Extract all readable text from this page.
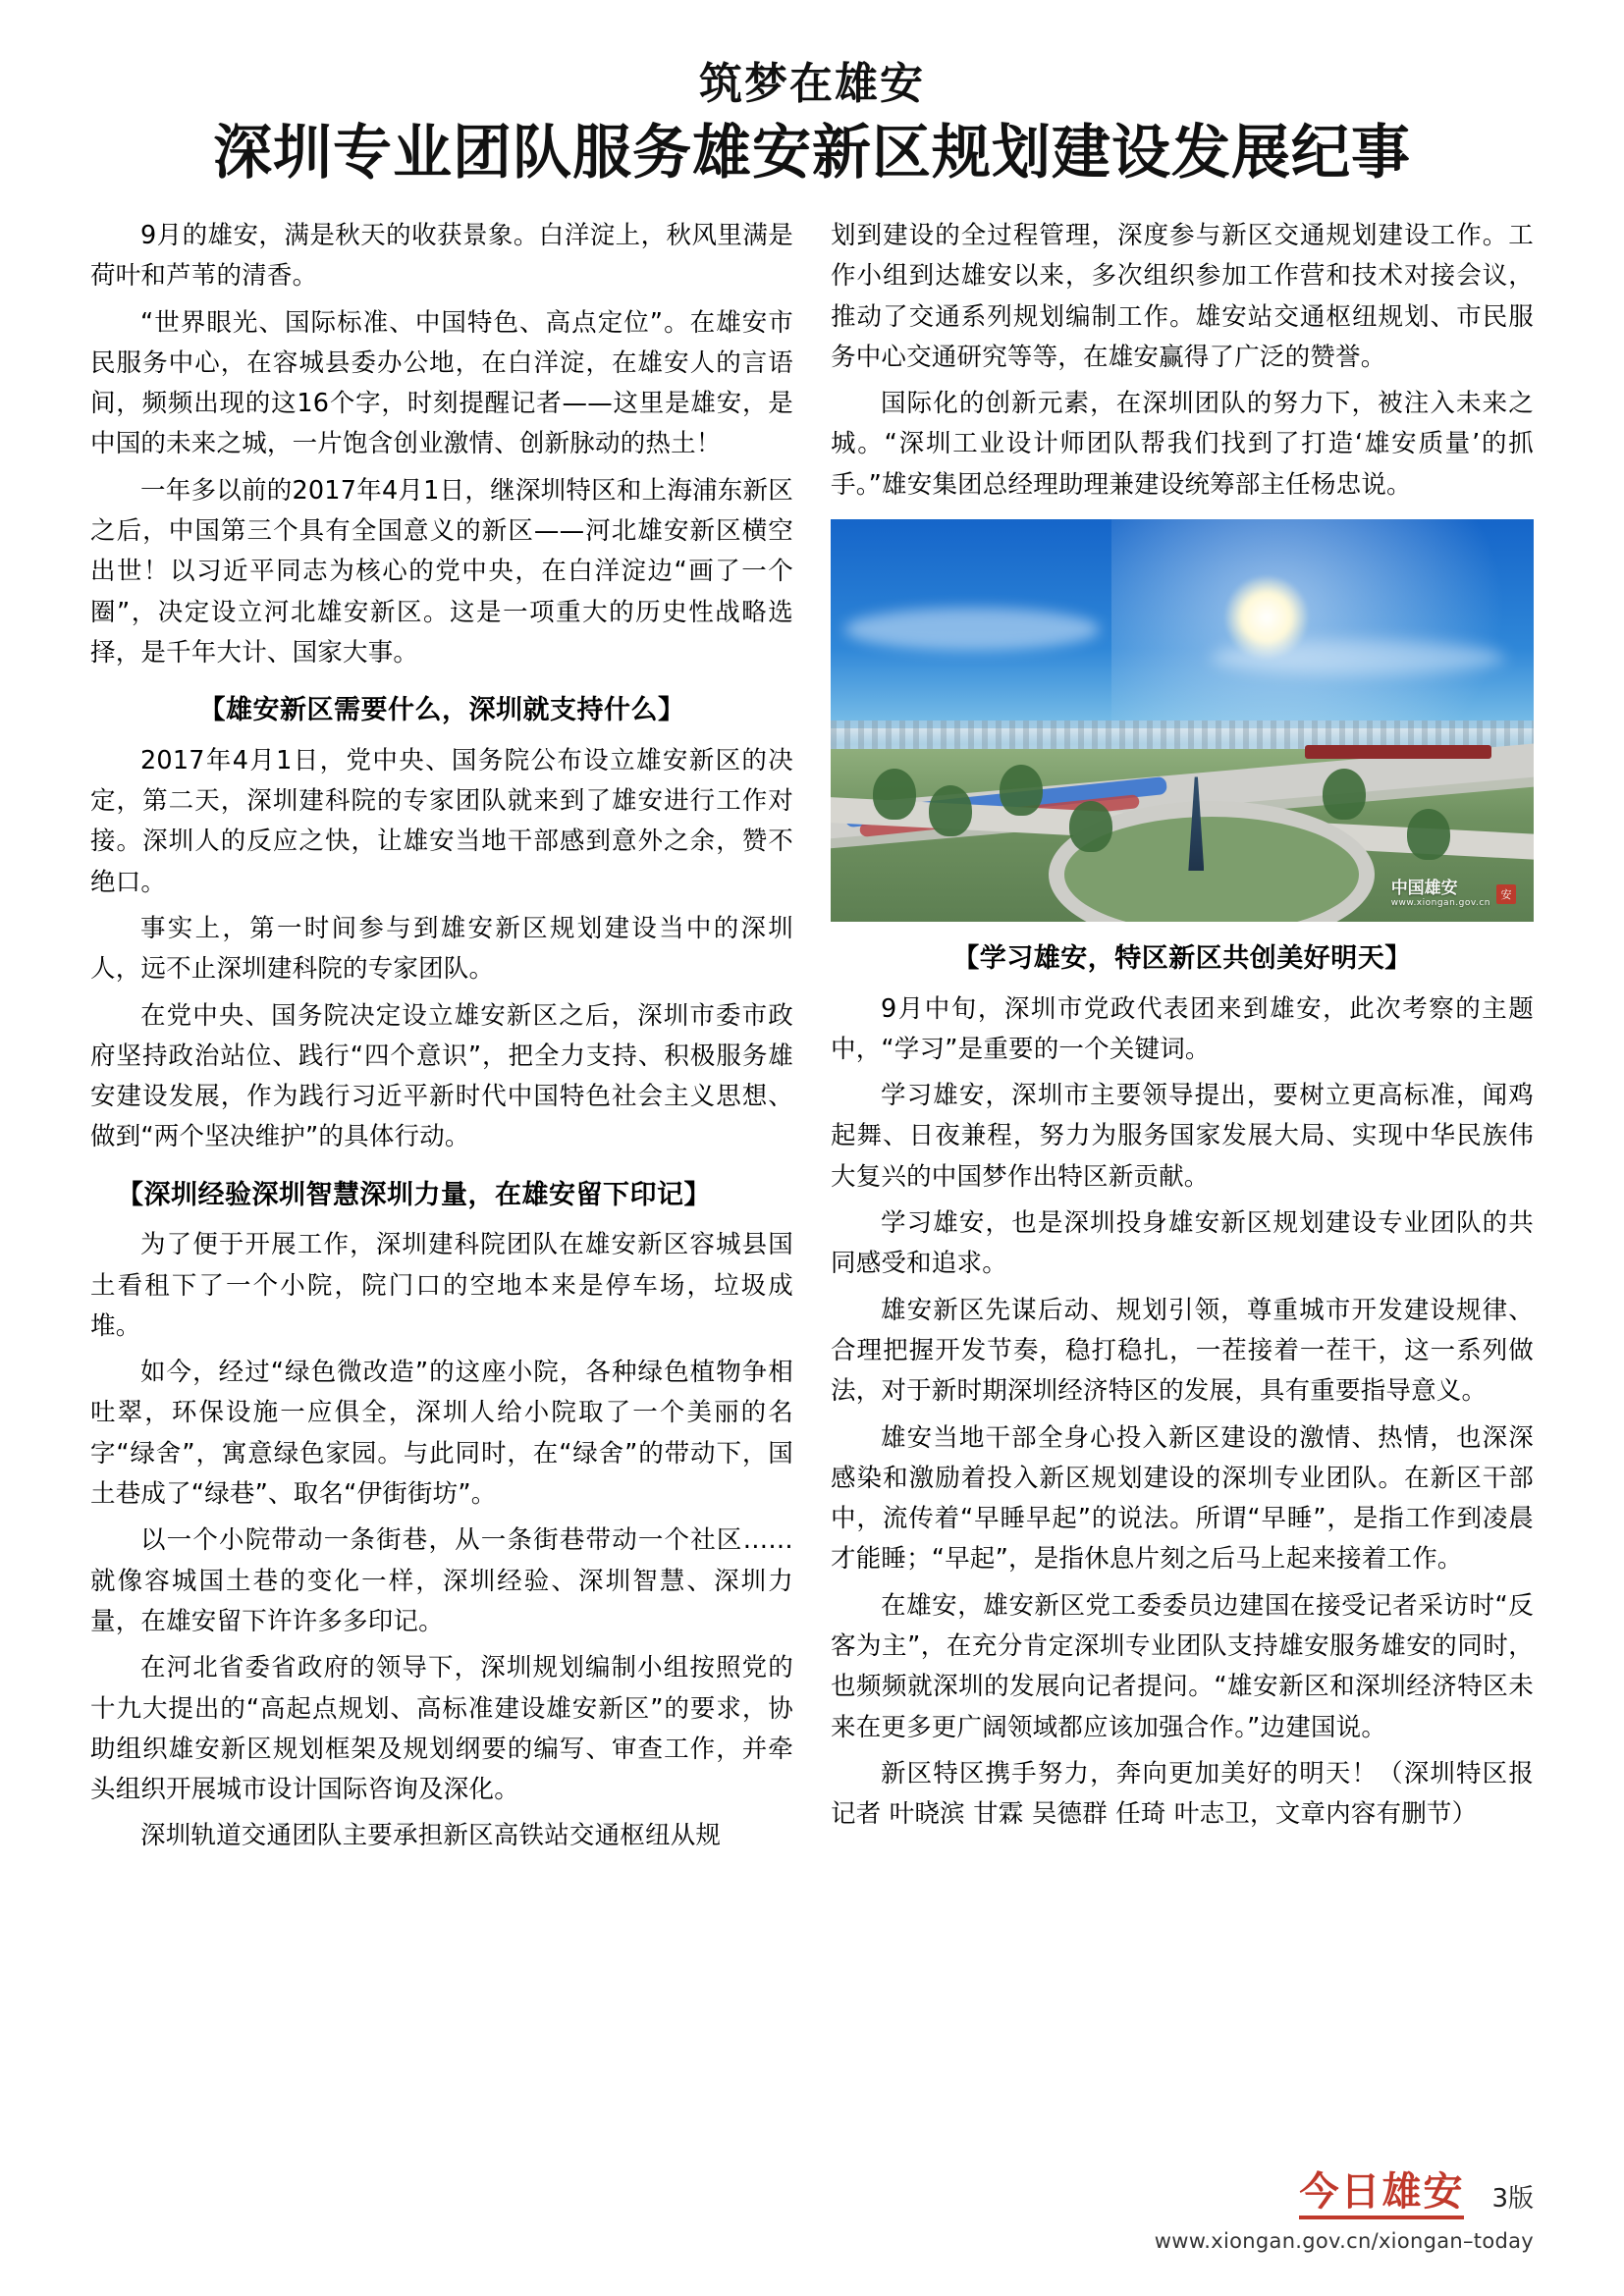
筑梦在雄安
深圳专业团队服务雄安新区规划建设发展纪事

9月的雄安，满是秋天的收获景象。白洋淀上，秋风里满是荷叶和芦苇的清香。

“世界眼光、国际标准、中国特色、高点定位”。在雄安市民服务中心，在容城县委办公地，在白洋淀，在雄安人的言语间，频频出现的这16个字，时刻提醒记者——这里是雄安，是中国的未来之城，一片饱含创业激情、创新脉动的热土！

一年多以前的2017年4月1日，继深圳特区和上海浦东新区之后，中国第三个具有全国意义的新区——河北雄安新区横空出世！以习近平同志为核心的党中央，在白洋淀边“画了一个圈”，决定设立河北雄安新区。这是一项重大的历史性战略选择，是千年大计、国家大事。

【雄安新区需要什么，深圳就支持什么】

2017年4月1日，党中央、国务院公布设立雄安新区的决定，第二天，深圳建科院的专家团队就来到了雄安进行工作对接。深圳人的反应之快，让雄安当地干部感到意外之余，赞不绝口。

事实上，第一时间参与到雄安新区规划建设当中的深圳人，远不止深圳建科院的专家团队。

在党中央、国务院决定设立雄安新区之后，深圳市委市政府坚持政治站位、践行“四个意识”，把全力支持、积极服务雄安建设发展，作为践行习近平新时代中国特色社会主义思想、做到“两个坚决维护”的具体行动。

【深圳经验深圳智慧深圳力量，在雄安留下印记】

为了便于开展工作，深圳建科院团队在雄安新区容城县国土看租下了一个小院，院门口的空地本来是停车场，垃圾成堆。

如今，经过“绿色微改造”的这座小院，各种绿色植物争相吐翠，环保设施一应俱全，深圳人给小院取了一个美丽的名字“绿舍”，寓意绿色家园。与此同时，在“绿舍”的带动下，国土巷成了“绿巷”、取名“伊街街坊”。

以一个小院带动一条街巷，从一条街巷带动一个社区……就像容城国土巷的变化一样，深圳经验、深圳智慧、深圳力量，在雄安留下许许多多印记。

在河北省委省政府的领导下，深圳规划编制小组按照党的十九大提出的“高起点规划、高标准建设雄安新区”的要求，协助组织雄安新区规划框架及规划纲要的编写、审查工作，并牵头组织开展城市设计国际咨询及深化。

深圳轨道交通团队主要承担新区高铁站交通枢纽从规

划到建设的全过程管理，深度参与新区交通规划建设工作。工作小组到达雄安以来，多次组织参加工作营和技术对接会议，推动了交通系列规划编制工作。雄安站交通枢纽规划、市民服务中心交通研究等等，在雄安赢得了广泛的赞誉。

国际化的创新元素，在深圳团队的努力下，被注入未来之城。“深圳工业设计师团队帮我们找到了打造‘雄安质量’的抓手。”雄安集团总经理助理兼建设统筹部主任杨忠说。

中国雄安
www.xiongan.gov.cn
安
【学习雄安，特区新区共创美好明天】

9月中旬，深圳市党政代表团来到雄安，此次考察的主题中，“学习”是重要的一个关键词。

学习雄安，深圳市主要领导提出，要树立更高标准，闻鸡起舞、日夜兼程，努力为服务国家发展大局、实现中华民族伟大复兴的中国梦作出特区新贡献。

学习雄安，也是深圳投身雄安新区规划建设专业团队的共同感受和追求。

雄安新区先谋后动、规划引领，尊重城市开发建设规律、合理把握开发节奏，稳打稳扎，一茬接着一茬干，这一系列做法，对于新时期深圳经济特区的发展，具有重要指导意义。

雄安当地干部全身心投入新区建设的激情、热情，也深深感染和激励着投入新区规划建设的深圳专业团队。在新区干部中，流传着“早睡早起”的说法。所谓“早睡”，是指工作到凌晨才能睡；“早起”，是指休息片刻之后马上起来接着工作。

在雄安，雄安新区党工委委员边建国在接受记者采访时“反客为主”，在充分肯定深圳专业团队支持雄安服务雄安的同时，也频频就深圳的发展向记者提问。“雄安新区和深圳经济特区未来在更多更广阔领域都应该加强合作。”边建国说。

新区特区携手努力，奔向更加美好的明天！（深圳特区报记者 叶晓滨 甘霖 吴德群 任琦 叶志卫，文章内容有删节）

今日雄安 3版
www.xiongan.gov.cn/xiongan–today
